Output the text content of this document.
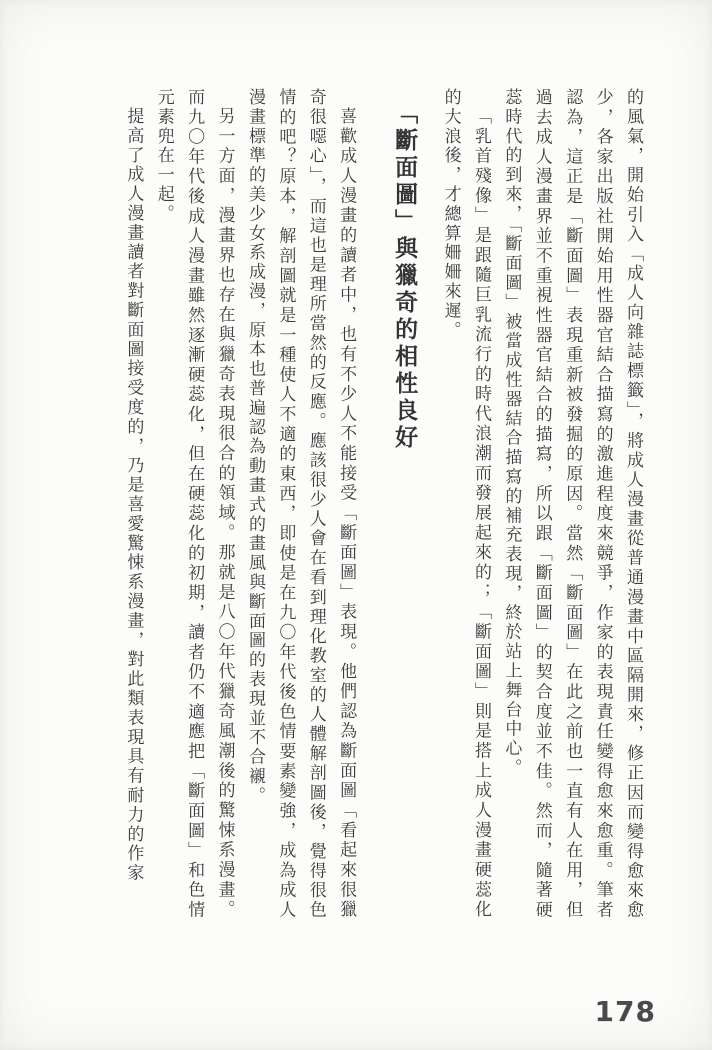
的風氣，開始引入「成人向雜誌標籤」，將成人漫畫從普通漫畫中區隔開來，修正因而變得愈來愈少，各家出版社開始用性器官結合描寫的激進程度來競爭，作家的表現責任變得愈來愈重。筆者認為，這正是「斷面圖」表現重新被發掘的原因。當然「斷面圖」在此之前也一直有人在用，但過去成人漫畫界並不重視性器官結合的描寫，所以跟「斷面圖」的契合度並不佳。然而，隨著硬蕊時代的到來，「斷面圖」被當成性器結合描寫的補充表現，終於站上舞台中心。

「乳首殘像」是跟隨巨乳流行的時代浪潮而發展起來的；「斷面圖」則是搭上成人漫畫硬蕊化的大浪後，才總算姍姍來遲。

「斷面圖」與獵奇的相性良好

喜歡成人漫畫的讀者中，也有不少人不能接受「斷面圖」表現。他們認為斷面圖「看起來很獵奇很噁心」，而這也是理所當然的反應。應該很少人會在看到理化教室的人體解剖圖後，覺得很色情的吧？原本，解剖圖就是一種使人不適的東西，即使是在九〇年代後色情要素變強，成為成人漫畫標準的美少女系成漫，原本也普遍認為動畫式的畫風與斷面圖的表現並不合襯。

另一方面，漫畫界也存在與獵奇表現很合的領域。那就是八〇年代獵奇風潮後的驚悚系漫畫。而九〇年代後成人漫畫雖然逐漸硬蕊化，但在硬蕊化的初期，讀者仍不適應把「斷面圖」和色情元素兜在一起。

提高了成人漫畫讀者對斷面圖接受度的，乃是喜愛驚悚系漫畫，對此類表現具有耐力的作家

178
